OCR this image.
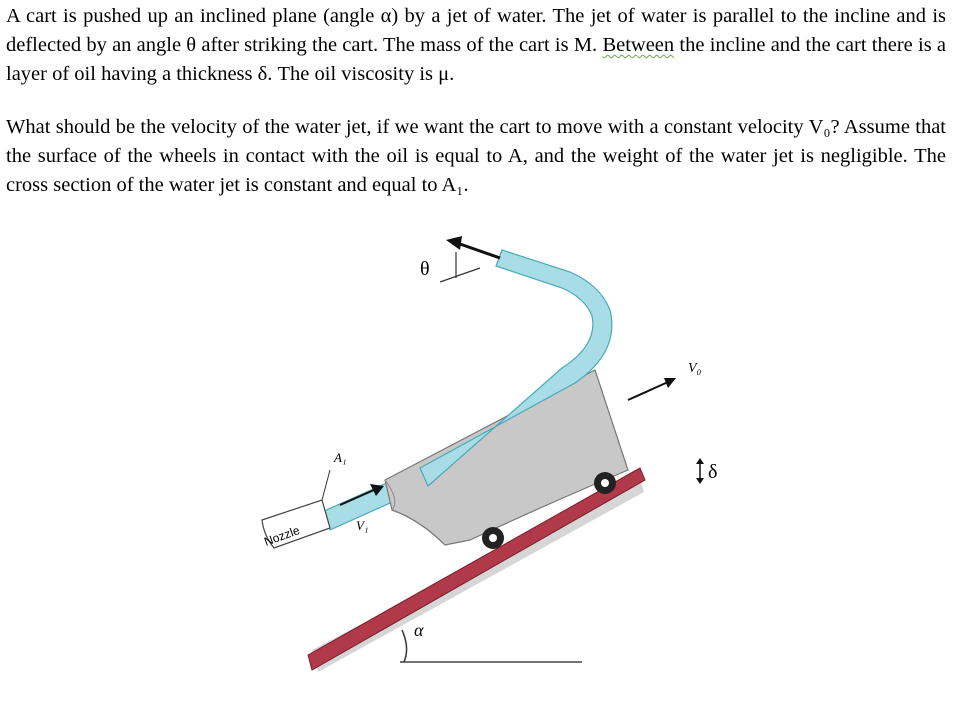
A cart is pushed up an inclined plane (angle α) by a jet of water. The jet of water is parallel to the incline and is deflected by an angle θ after striking the cart. The mass of the cart is M. Between the incline and the cart there is a layer of oil having a thickness δ. The oil viscosity is μ.

What should be the velocity of the water jet, if we want the cart to move with a constant velocity V₀? Assume that the surface of the wheels in contact with the oil is equal to A, and the weight of the water jet is negligible. The cross section of the water jet is constant and equal to A₁.

θ
V₀
δ
Nozzle
A₁
V₁
α
